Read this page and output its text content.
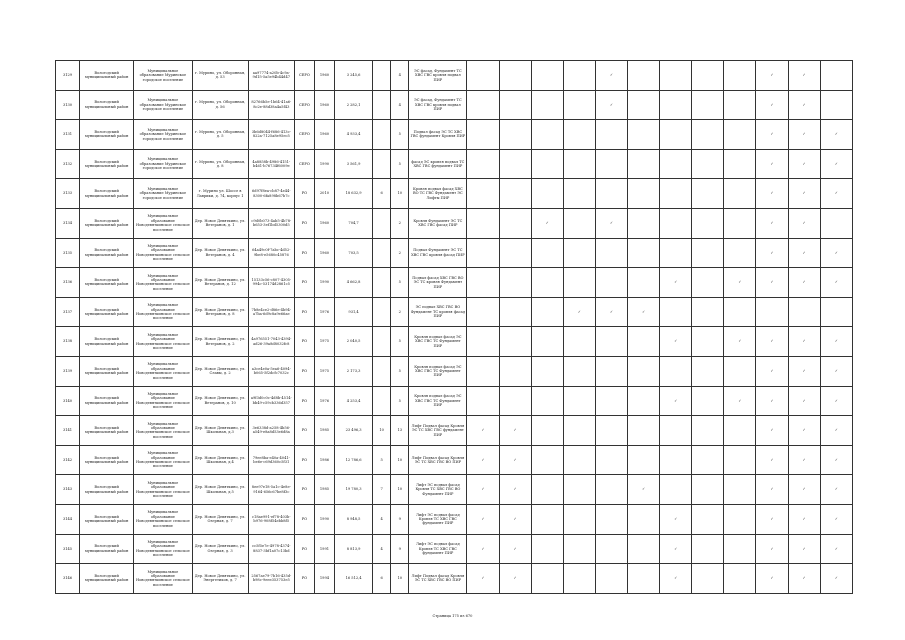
3129	Вологодский муниципальный район	Муниципальное образование Муринское городское поселение	г. Мурино, ул. Оборонная, д. 53	аа97774-a20b-4c9a-9d15-5a5e94b44d47	СЕРО	1960	3 245,6		4	ЭС фасад, Фундамент ТС ХВС ГВС кровля подвал ПИР					✓					✓	✓	
3130	Вологодский муниципальный район	Муниципальное образование Муринское городское поселение	г. Мурино, ул. Оборонная, д. 56	82766b5e-1b64-41a6-8c2e-88d38a4a5f43	СЕРО	1960	2 282,1		4	ЭС фасад, Фундамент ТС ХВС ГВС кровля подвал ПИР					✓					✓	✓	
3131	Вологодский муниципальный район	Муниципальное образование Муринское городское поселение	г. Мурино, ул. Оборонная, д. 5	3b6d8044-f686-413c-822a-7125a8e95ec5	СЕРО	1960	4 933,4		5	Подвал фасад ЭС ТС ХВС ГВС фундамент Кровля ПИР										✓	✓	✓
3132	Вологодский муниципальный район	Муниципальное образование Муринское городское поселение	г. Мурино, ул. Оборонная, д. 8	4a8858b-4986-4151-b461-b76734f6009e	СЕРО	1990	3 561,9		5	фасад ЭС кровля подвал ТС ХВС ГВС фундамент ПИР										✓	✓	✓
3133	Вологодский муниципальный район	Муниципальное образование Муринское городское поселение	г. Мурино ул. Шоссе в Лаврики, д. 74, корпус 1	6d97f8ea-cb87-4e44-8300-6fa898b67b7c	РО	2010	18 632,9	6	10	Кровля подвал фасад ХВС ВО ТС ГВС Фундамент ЭС Лифты ПИР										✓	✓	✓
3134	Вологодский муниципальный район	Муниципальное образование Новодевяткинское сельское поселение	Дер. Новое Девяткино, ул. Ветеранов, д. 1	c9d0b073-4ab5-4b78-b653-3ef1bd5300d5	РО	1960	704,7		2	Кровля Фундамент ЭС ТС ХВС ГВС фасад ПИР			✓		✓					✓	✓	
3135	Вологодский муниципальный район	Муниципальное образование Новодевяткинское сельское поселение	Дер. Новое Девяткино, ул. Ветеранов, д. 4	64a49c0f-7abc-4d52-9be8-e5680c45876	РО	1960	703,5		2	Подвал Фундамент ЭС ТС ХВС ГВС кровля фасад ПИР										✓	✓	✓
3136	Вологодский муниципальный район	Муниципальное образование Новодевяткинское сельское поселение	Дер. Новое Девяткино, ул. Ветеранов, д. 12	15133c56-c807-4305-994c-53174d2861c5	РО	1990	4 662,8		5	Подвал фасад ХВС ГВС ВО ЭС ТС кровля Фундамент ПИР							✓		✓	✓	✓	✓
3137	Вологодский муниципальный район	Муниципальное образование Новодевяткинское сельское поселение	Дер. Новое Девяткино, ул. Ветеранов, д. 8	7b8e4ce2-d86e-4b94-a7ba-6d9c8a9e66ae	РО	1976	931,4		2	ЭС подвал ХВС ГВС ВО Фундамент ТС кровля фасад ПИР				✓	✓	✓						
3138	Вологодский муниципальный район	Муниципальное образование Новодевяткинское сельское поселение	Дер. Новое Девяткино, ул. Ветеранов, д. 2	4a976551-7043-4394-ad26-39a8d8032fc8	РО	1975	2 040,5		5	Кровля подвал фасад ЭС ХВС ГВС ТС Фундамент ПИР							✓		✓	✓	✓	✓
3139	Вологодский муниципальный район	Муниципальное образование Новодевяткинское сельское поселение	Дер. Новое Девяткино, ул. Славы, д. 2	a3ce4e0a-5ea6-4094-b065-5f2dcfc7032c	РО	1975	2 173,3		5	Кровля подвал фасад ЭС ХВС ГВС ТС Фундамент ПИР										✓	✓	✓
3140	Вологодский муниципальный район	Муниципальное образование Новодевяткинское сельское поселение	Дер. Новое Девяткино, ул. Ветеранов, д. 10	a9f3d0c0c-4d8b-4514-bb49-c59cb336d357	РО	1976	4 253,4		5	Кровля подвал фасад ЭС ХВС ГВС ТС Фундамент ПИР							✓		✓	✓	✓	✓
3141	Вологодский муниципальный район	Муниципальное образование Новодевяткинское сельское поселение	Дер. Новое Девяткино, ул. Школьная, д.3	3e6338d-a258-4b56-a549-e8a8d53e6d8a	РО	1985	23 496,3	10	13	Лифт Подвал фасад Кровля ЭС ТС ХВС ГВС фундамент ПИР	✓	✓								✓	✓	✓
3142	Вологодский муниципальный район	Муниципальное образование Новодевяткинское сельское поселение	Дер. Новое Девяткино, ул. Школьная, д.4	79ee8ba-e40a-4041-be6e-c69d360c5f31	РО	1986	12 786,6	5	10	Лифт Подвал фасад Кровля ЭС ТС ХВС ГВС ВО ПИР	✓	✓								✓	✓	✓
3143	Вологодский муниципальный район	Муниципальное образование Новодевяткинское сельское поселение	Дер. Новое Девяткино, ул. Школьная, д.5	8ee97e18-5a1c-4e8e-9164-656c67be8f3c	РО	1985	19 780,3	7	10	Лифт ЭС подвал фасад Кровля ТС ХВС ГВС ВО Фундамент ПИР	✓	✓				✓				✓	✓	✓
3144	Вологодский муниципальный район	Муниципальное образование Новодевяткинское сельское поселение	Дер. Новое Девяткино, ул. Озерная, д. 7	c18ae991-ef78-403b-b976-908f54ebb8f5	РО	1990	8 948,5	4	9	Лифт ЭС подвал фасад Кровля ТС ХВС ГВС фундамент ПИР	✓	✓					✓			✓	✓	✓
3145	Вологодский муниципальный район	Муниципальное образование Новодевяткинское сельское поселение	Дер. Новое Девяткино, ул. Озерная, д. 3	cc5f5e7e-4978-4374-8837-3bf1a07c13bd	РО	1991	8 813,9	4	9	Лифт ЭС подвал фасад Кровля ТС ХВС ГВС фундамент ПИР	✓	✓					✓			✓	✓	✓
3146	Вологодский муниципальный район	Муниципальное образование Новодевяткинское сельское поселение	Дер. Новое Девяткино, ул. Энергетиков, д. 7	2567ae79-7b16-435d-b98c-9eee353753e5	РО	1994	16 512,4	6	10	Лифт Подвал фасад Кровля ЭС ТС ХВС ГВС ВО ПИР	✓	✓					✓			✓	✓	✓
Страница 175 из 670
